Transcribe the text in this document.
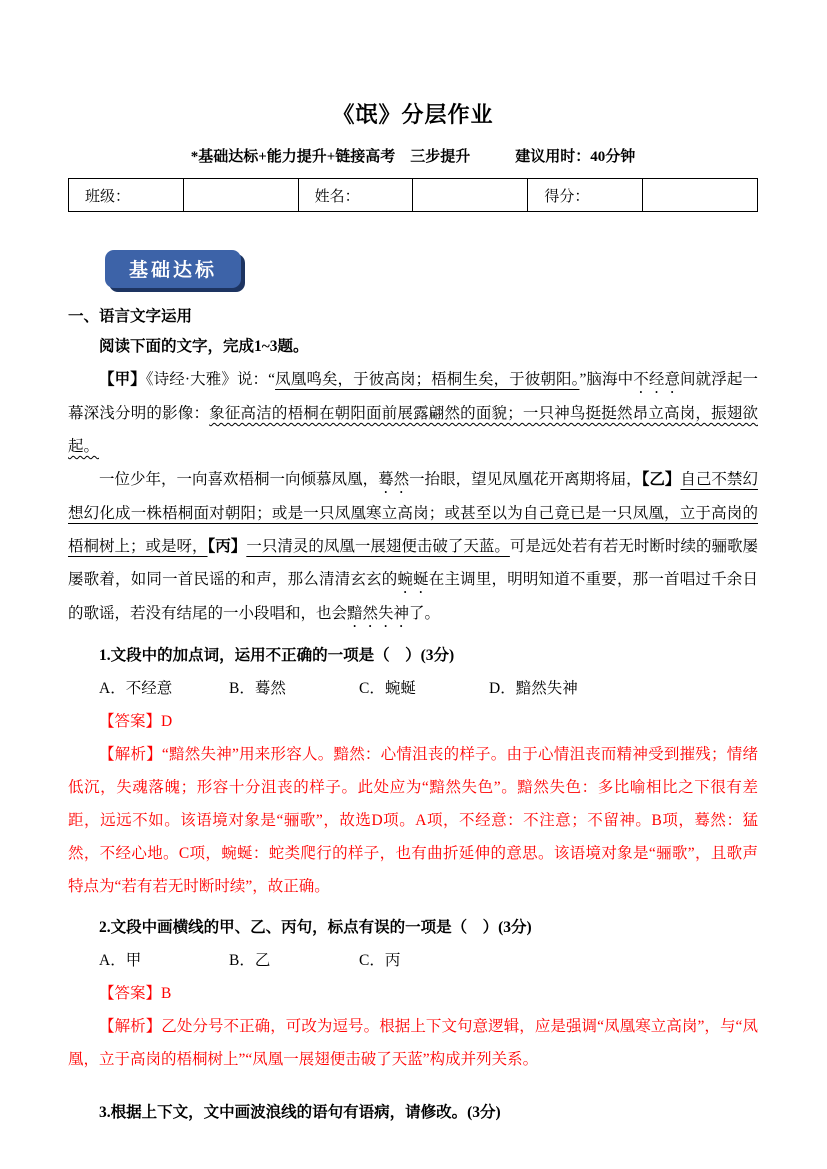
《氓》分层作业
*基础达标+能力提升+链接高考　三步提升　　　建议用时：40分钟
班级：		姓名：		得分：	
基础达标
一、语言文字运用

阅读下面的文字，完成1~3题。

【甲】《诗经·大雅》说：“凤凰鸣矣，于彼高岗；梧桐生矣，于彼朝阳。”脑海中不经意间就浮起一幕深浅分明的影像：象征高洁的梧桐在朝阳面前展露翩然的面貌；一只神鸟挺挺然昂立高岗，振翅欲起。

一位少年，一向喜欢梧桐一向倾慕凤凰，蓦然一抬眼，望见凤凰花开离期将届，【乙】自己不禁幻想幻化成一株梧桐面对朝阳；或是一只凤凰寒立高岗；或甚至以为自己竟已是一只凤凰，立于高岗的梧桐树上；或是呀，【丙】一只清灵的凤凰一展翅便击破了天蓝。可是远处若有若无时断时续的骊歌屡屡歌着，如同一首民谣的和声，那么清清玄玄的蜿蜒在主调里，明明知道不重要，那一首唱过千余日的歌谣，若没有结尾的一小段唱和，也会黯然失神了。

1.文段中的加点词，运用不正确的一项是（　）(3分)

A．不经意	B．蓦然	C．蜿蜒	D．黯然失神

【答案】D

【解析】“黯然失神”用来形容人。黯然：心情沮丧的样子。由于心情沮丧而精神受到摧残；情绪低沉，失魂落魄；形容十分沮丧的样子。此处应为“黯然失色”。黯然失色：多比喻相比之下很有差距，远远不如。该语境对象是“骊歌”，故选D项。A项，不经意：不注意；不留神。B项，蓦然：猛然，不经心地。C项，蜿蜒：蛇类爬行的样子，也有曲折延伸的意思。该语境对象是“骊歌”，且歌声特点为“若有若无时断时续”，故正确。

2.文段中画横线的甲、乙、丙句，标点有误的一项是（　）(3分)

A．甲	B．乙	C．丙

【答案】B

【解析】乙处分号不正确，可改为逗号。根据上下文句意逻辑，应是强调“凤凰寒立高岗”，与“凤凰，立于高岗的梧桐树上”“凤凰一展翅便击破了天蓝”构成并列关系。

3.根据上下文，文中画波浪线的语句有语病，请修改。(3分)
